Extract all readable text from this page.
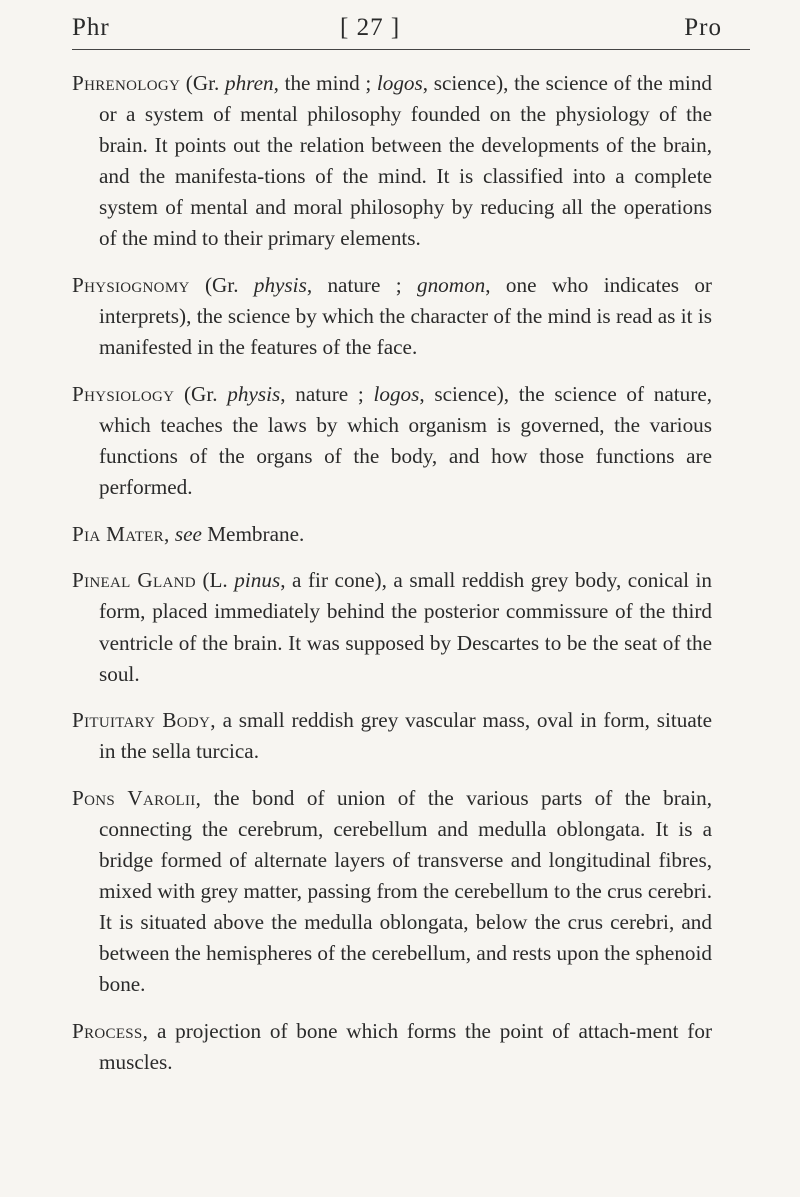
Phr	[ 27 ]	Pro

Phrenology (Gr. phren, the mind ; logos, science), the science of the mind or a system of mental philosophy founded on the physiology of the brain. It points out the relation between the developments of the brain, and the manifesta-tions of the mind. It is classified into a complete system of mental and moral philosophy by reducing all the operations of the mind to their primary elements.

Physiognomy (Gr. physis, nature ; gnomon, one who indicates or interprets), the science by which the character of the mind is read as it is manifested in the features of the face.

Physiology (Gr. physis, nature ; logos, science), the science of nature, which teaches the laws by which organism is governed, the various functions of the organs of the body, and how those functions are performed.

Pia Mater, see Membrane.

Pineal Gland (L. pinus, a fir cone), a small reddish grey body, conical in form, placed immediately behind the posterior commissure of the third ventricle of the brain. It was supposed by Descartes to be the seat of the soul.

Pituitary Body, a small reddish grey vascular mass, oval in form, situate in the sella turcica.

Pons Varolii, the bond of union of the various parts of the brain, connecting the cerebrum, cerebellum and medulla oblongata. It is a bridge formed of alternate layers of transverse and longitudinal fibres, mixed with grey matter, passing from the cerebellum to the crus cerebri. It is situated above the medulla oblongata, below the crus cerebri, and between the hemispheres of the cerebellum, and rests upon the sphenoid bone.

Process, a projection of bone which forms the point of attach-ment for muscles.
